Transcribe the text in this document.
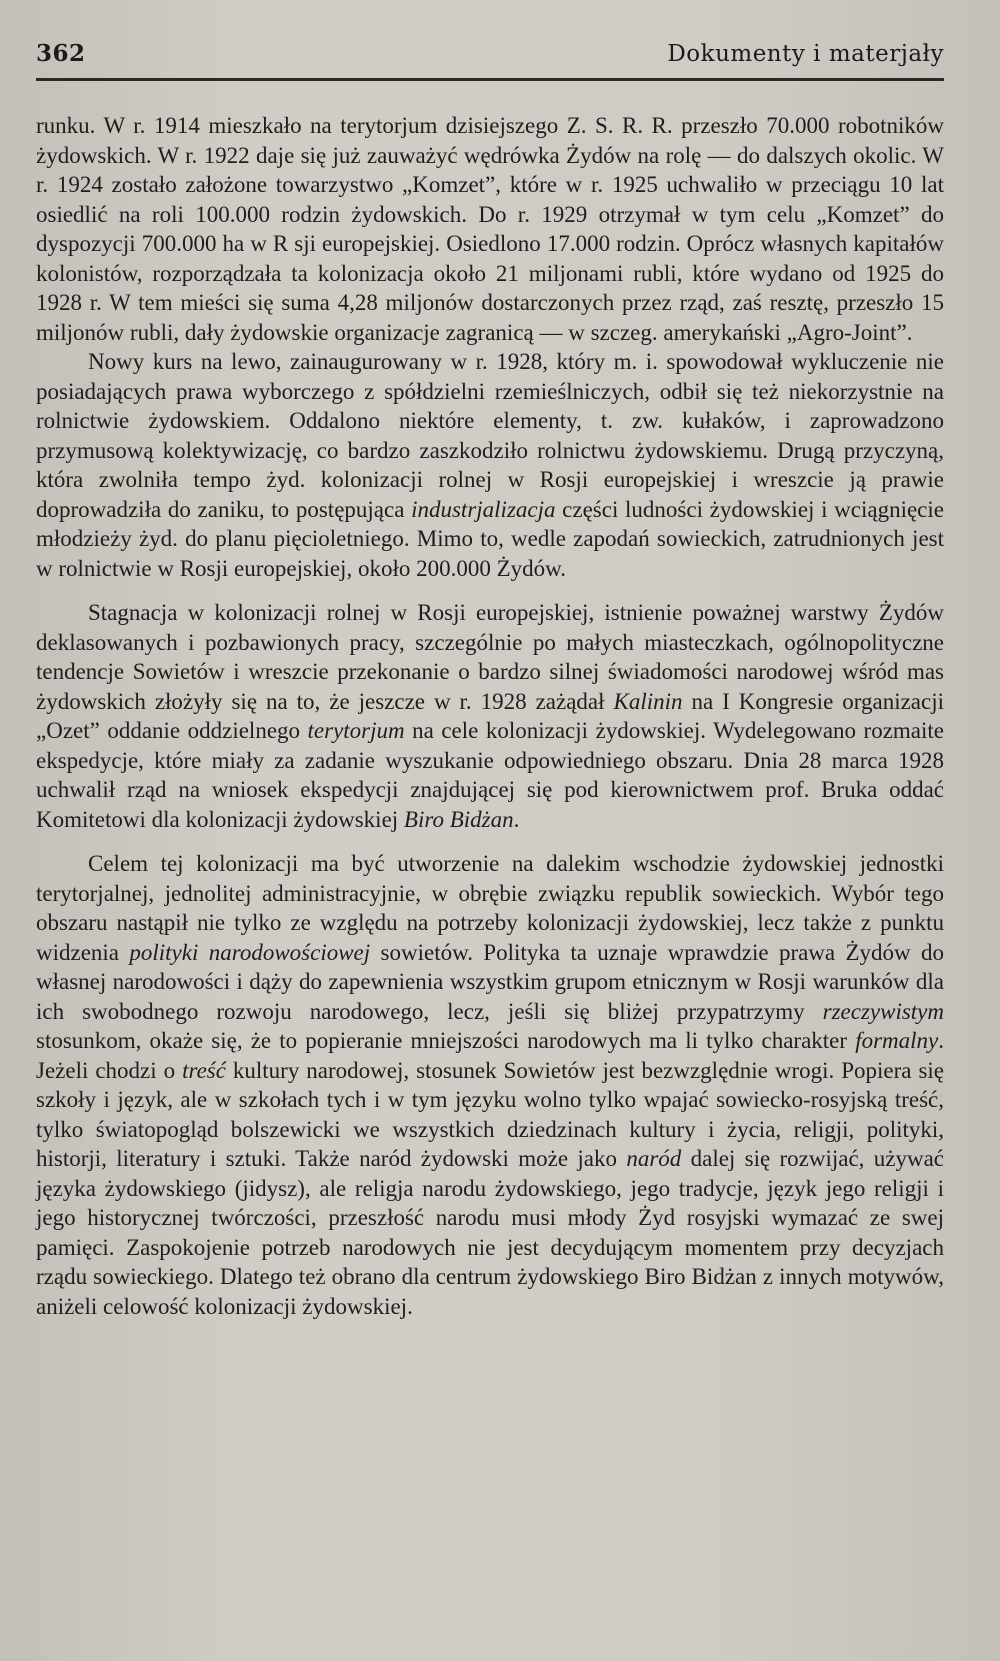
362	Dokumenty i materjały

runku. W r. 1914 mieszkało na terytorjum dzisiejszego Z. S. R. R. przeszło 70.000 robotników żydowskich. W r. 1922 daje się już zauważyć wędrówka Żydów na rolę — do dalszych okolic. W r. 1924 zostało założone towarzystwo „Komzet”, które w r. 1925 uchwaliło w przeciągu 10 lat osiedlić na roli 100.000 rodzin żydowskich. Do r. 1929 otrzymał w tym celu „Komzet” do dyspozycji 700.000 ha w R sji europejskiej. Osiedlono 17.000 rodzin. Oprócz własnych kapitałów kolonistów, rozporządzała ta kolonizacja około 21 miljonami rubli, które wydano od 1925 do 1928 r. W tem mieści się suma 4,28 miljonów dostarczonych przez rząd, zaś resztę, przeszło 15 miljonów rubli, dały żydowskie organizacje zagranicą — w szczeg. amerykański „Agro-Joint”.

Nowy kurs na lewo, zainaugurowany w r. 1928, który m. i. spowodował wykluczenie nie posiadających prawa wyborczego z spółdzielni rzemieślniczych, odbił się też niekorzystnie na rolnictwie żydowskiem. Oddalono niektóre elementy, t. zw. kułaków, i zaprowadzono przymusową kolektywizację, co bardzo zaszkodziło rolnictwu żydowskiemu. Drugą przyczyną, która zwolniła tempo żyd. kolonizacji rolnej w Rosji europejskiej i wreszcie ją prawie doprowadziła do zaniku, to postępująca industrjalizacja części ludności żydowskiej i wciągnięcie młodzieży żyd. do planu pięcioletniego. Mimo to, wedle zapodań sowieckich, zatrudnionych jest w rolnictwie w Rosji europejskiej, około 200.000 Żydów.

Stagnacja w kolonizacji rolnej w Rosji europejskiej, istnienie poważnej warstwy Żydów deklasowanych i pozbawionych pracy, szczególnie po małych miasteczkach, ogólnopolityczne tendencje Sowietów i wreszcie przekonanie o bardzo silnej świadomości narodowej wśród mas żydowskich złożyły się na to, że jeszcze w r. 1928 zażądał Kalinin na I Kongresie organizacji „Ozet” oddanie oddzielnego terytorjum na cele kolonizacji żydowskiej. Wydelegowano rozmaite ekspedycje, które miały za zadanie wyszukanie odpowiedniego obszaru. Dnia 28 marca 1928 uchwalił rząd na wniosek ekspedycji znajdującej się pod kierownictwem prof. Bruka oddać Komitetowi dla kolonizacji żydowskiej Biro Bidżan.

Celem tej kolonizacji ma być utworzenie na dalekim wschodzie żydowskiej jednostki terytorjalnej, jednolitej administracyjnie, w obrębie związku republik sowieckich. Wybór tego obszaru nastąpił nie tylko ze względu na potrzeby kolonizacji żydowskiej, lecz także z punktu widzenia polityki narodowościowej sowietów. Polityka ta uznaje wprawdzie prawa Żydów do własnej narodowości i dąży do zapewnienia wszystkim grupom etnicznym w Rosji warunków dla ich swobodnego rozwoju narodowego, lecz, jeśli się bliżej przypatrzymy rzeczywistym stosunkom, okaże się, że to popieranie mniejszości narodowych ma li tylko charakter formalny. Jeżeli chodzi o treść kultury narodowej, stosunek Sowietów jest bezwzględnie wrogi. Popiera się szkoły i język, ale w szkołach tych i w tym języku wolno tylko wpajać sowiecko-rosyjską treść, tylko światopogląd bolszewicki we wszystkich dziedzinach kultury i życia, religji, polityki, historji, literatury i sztuki. Także naród żydowski może jako naród dalej się rozwijać, używać języka żydowskiego (jidysz), ale religja narodu żydowskiego, jego tradycje, język jego religji i jego historycznej twórczości, przeszłość narodu musi młody Żyd rosyjski wymazać ze swej pamięci. Zaspokojenie potrzeb narodowych nie jest decydującym momentem przy decyzjach rządu sowieckiego. Dlatego też obrano dla centrum żydowskiego Biro Bidżan z innych motywów, aniżeli celowość kolonizacji żydowskiej.
